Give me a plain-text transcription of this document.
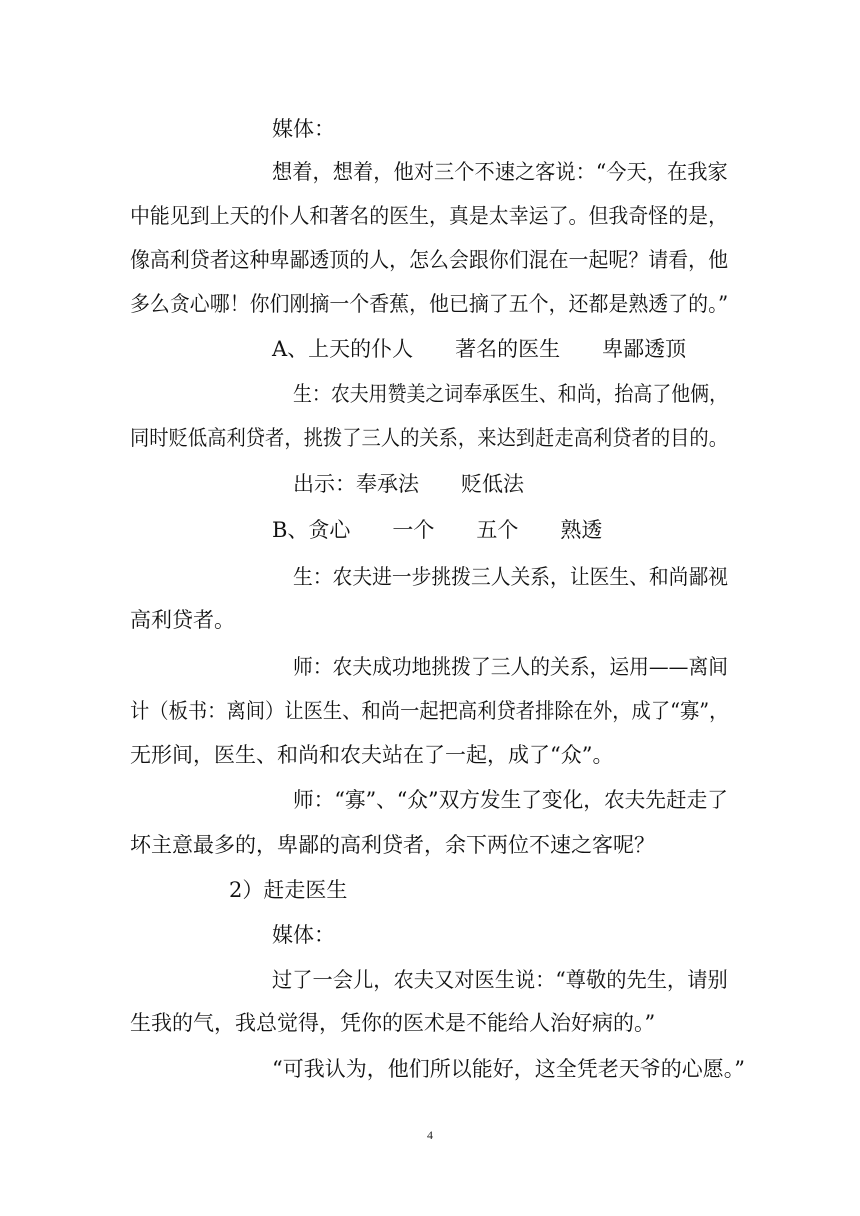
媒体：
想着，想着，他对三个不速之客说：“今天，在我家
中能见到上天的仆人和著名的医生，真是太幸运了。但我奇怪的是，
像高利贷者这种卑鄙透顶的人，怎么会跟你们混在一起呢？请看，他
多么贪心哪！你们刚摘一个香蕉，他已摘了五个，还都是熟透了的。”
A、上天的仆人　　著名的医生　　卑鄙透顶
生：农夫用赞美之词奉承医生、和尚，抬高了他俩，
同时贬低高利贷者，挑拨了三人的关系，来达到赶走高利贷者的目的。
出示：奉承法　　贬低法
B、贪心　　一个　　五个　　熟透
生：农夫进一步挑拨三人关系，让医生、和尚鄙视
高利贷者。
师：农夫成功地挑拨了三人的关系，运用——离间
计（板书：离间）让医生、和尚一起把高利贷者排除在外，成了“寡”，
无形间，医生、和尚和农夫站在了一起，成了“众”。
师：“寡”、“众”双方发生了变化，农夫先赶走了
坏主意最多的，卑鄙的高利贷者，余下两位不速之客呢？
2）赶走医生
媒体：
过了一会儿，农夫又对医生说：“尊敬的先生，请别
生我的气，我总觉得，凭你的医术是不能给人治好病的。”
“可我认为，他们所以能好，这全凭老天爷的心愿。”
4
